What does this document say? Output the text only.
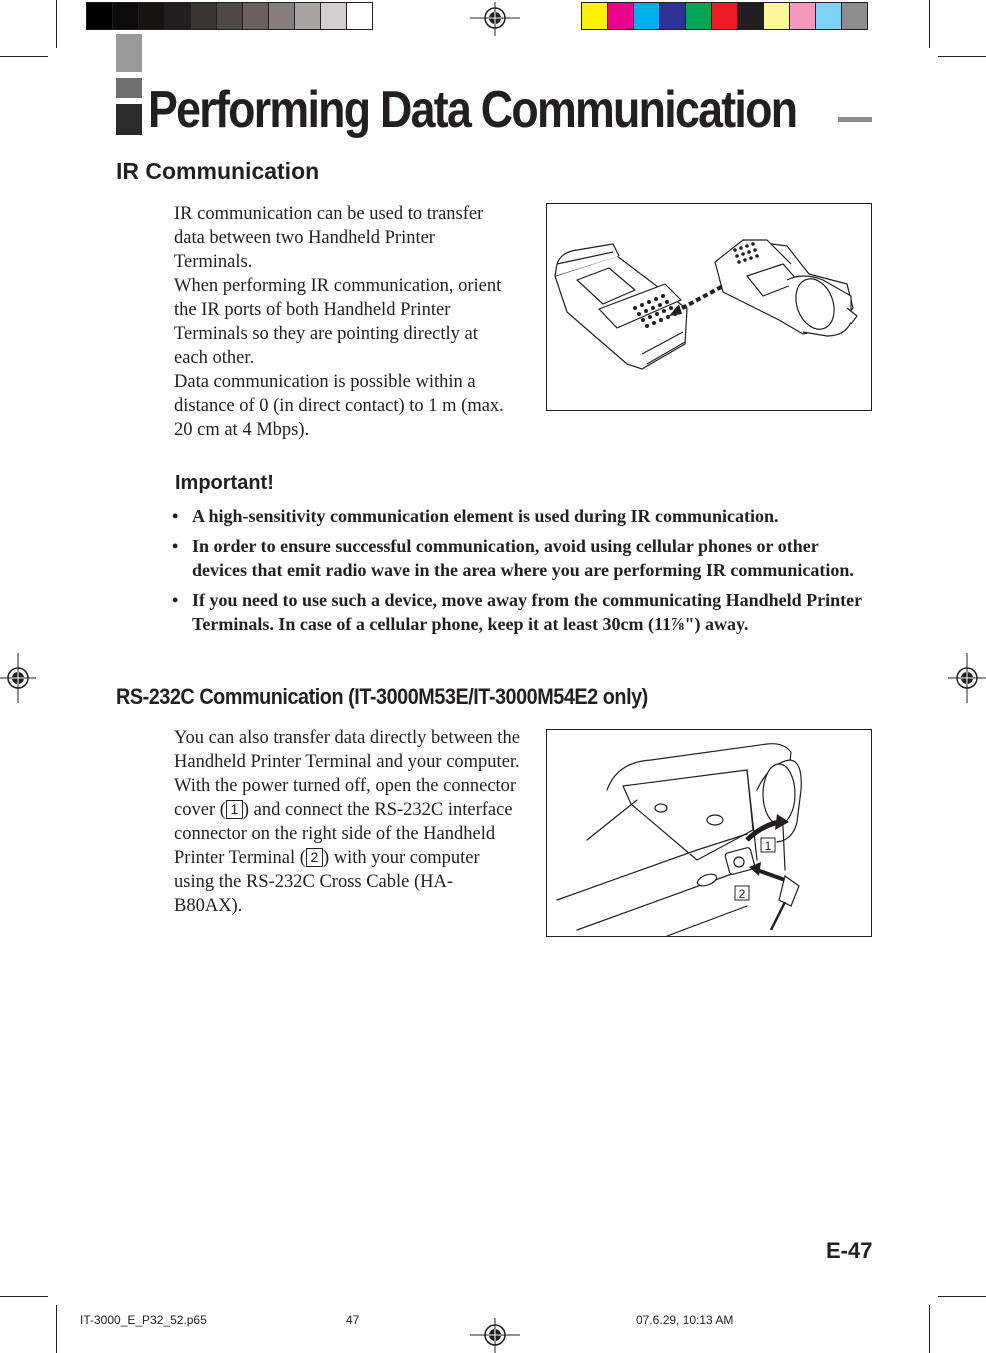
Performing Data Communication
IR Communication

IR communication can be used to transfer data between two Handheld Printer Terminals.

When performing IR communication, orient the IR ports of both Handheld Printer Terminals so they are pointing directly at each other.

Data communication is possible within a distance of 0 (in direct contact) to 1 m (max. 20 cm at 4 Mbps).

Important!
• A high-sensitivity communication element is used during IR communication.
• In order to ensure successful communication, avoid using cellular phones or other devices that emit radio wave in the area where you are performing IR communication.
• If you need to use such a device, move away from the communicating Handheld Printer Terminals. In case of a cellular phone, keep it at least 30cm (11⅞") away.
RS-232C Communication (IT-3000M53E/IT-3000M54E2 only)

You can also transfer data directly between the Handheld Printer Terminal and your computer. With the power turned off, open the connector cover ( 1 ) and connect the RS-232C interface connector on the right side of the Handheld Printer Terminal ( 2 ) with your computer using the RS-232C Cross Cable (HA-B80AX).

1
2
E-47
IT-3000_E_P32_52.p65	47	07.6.29, 10:13 AM
